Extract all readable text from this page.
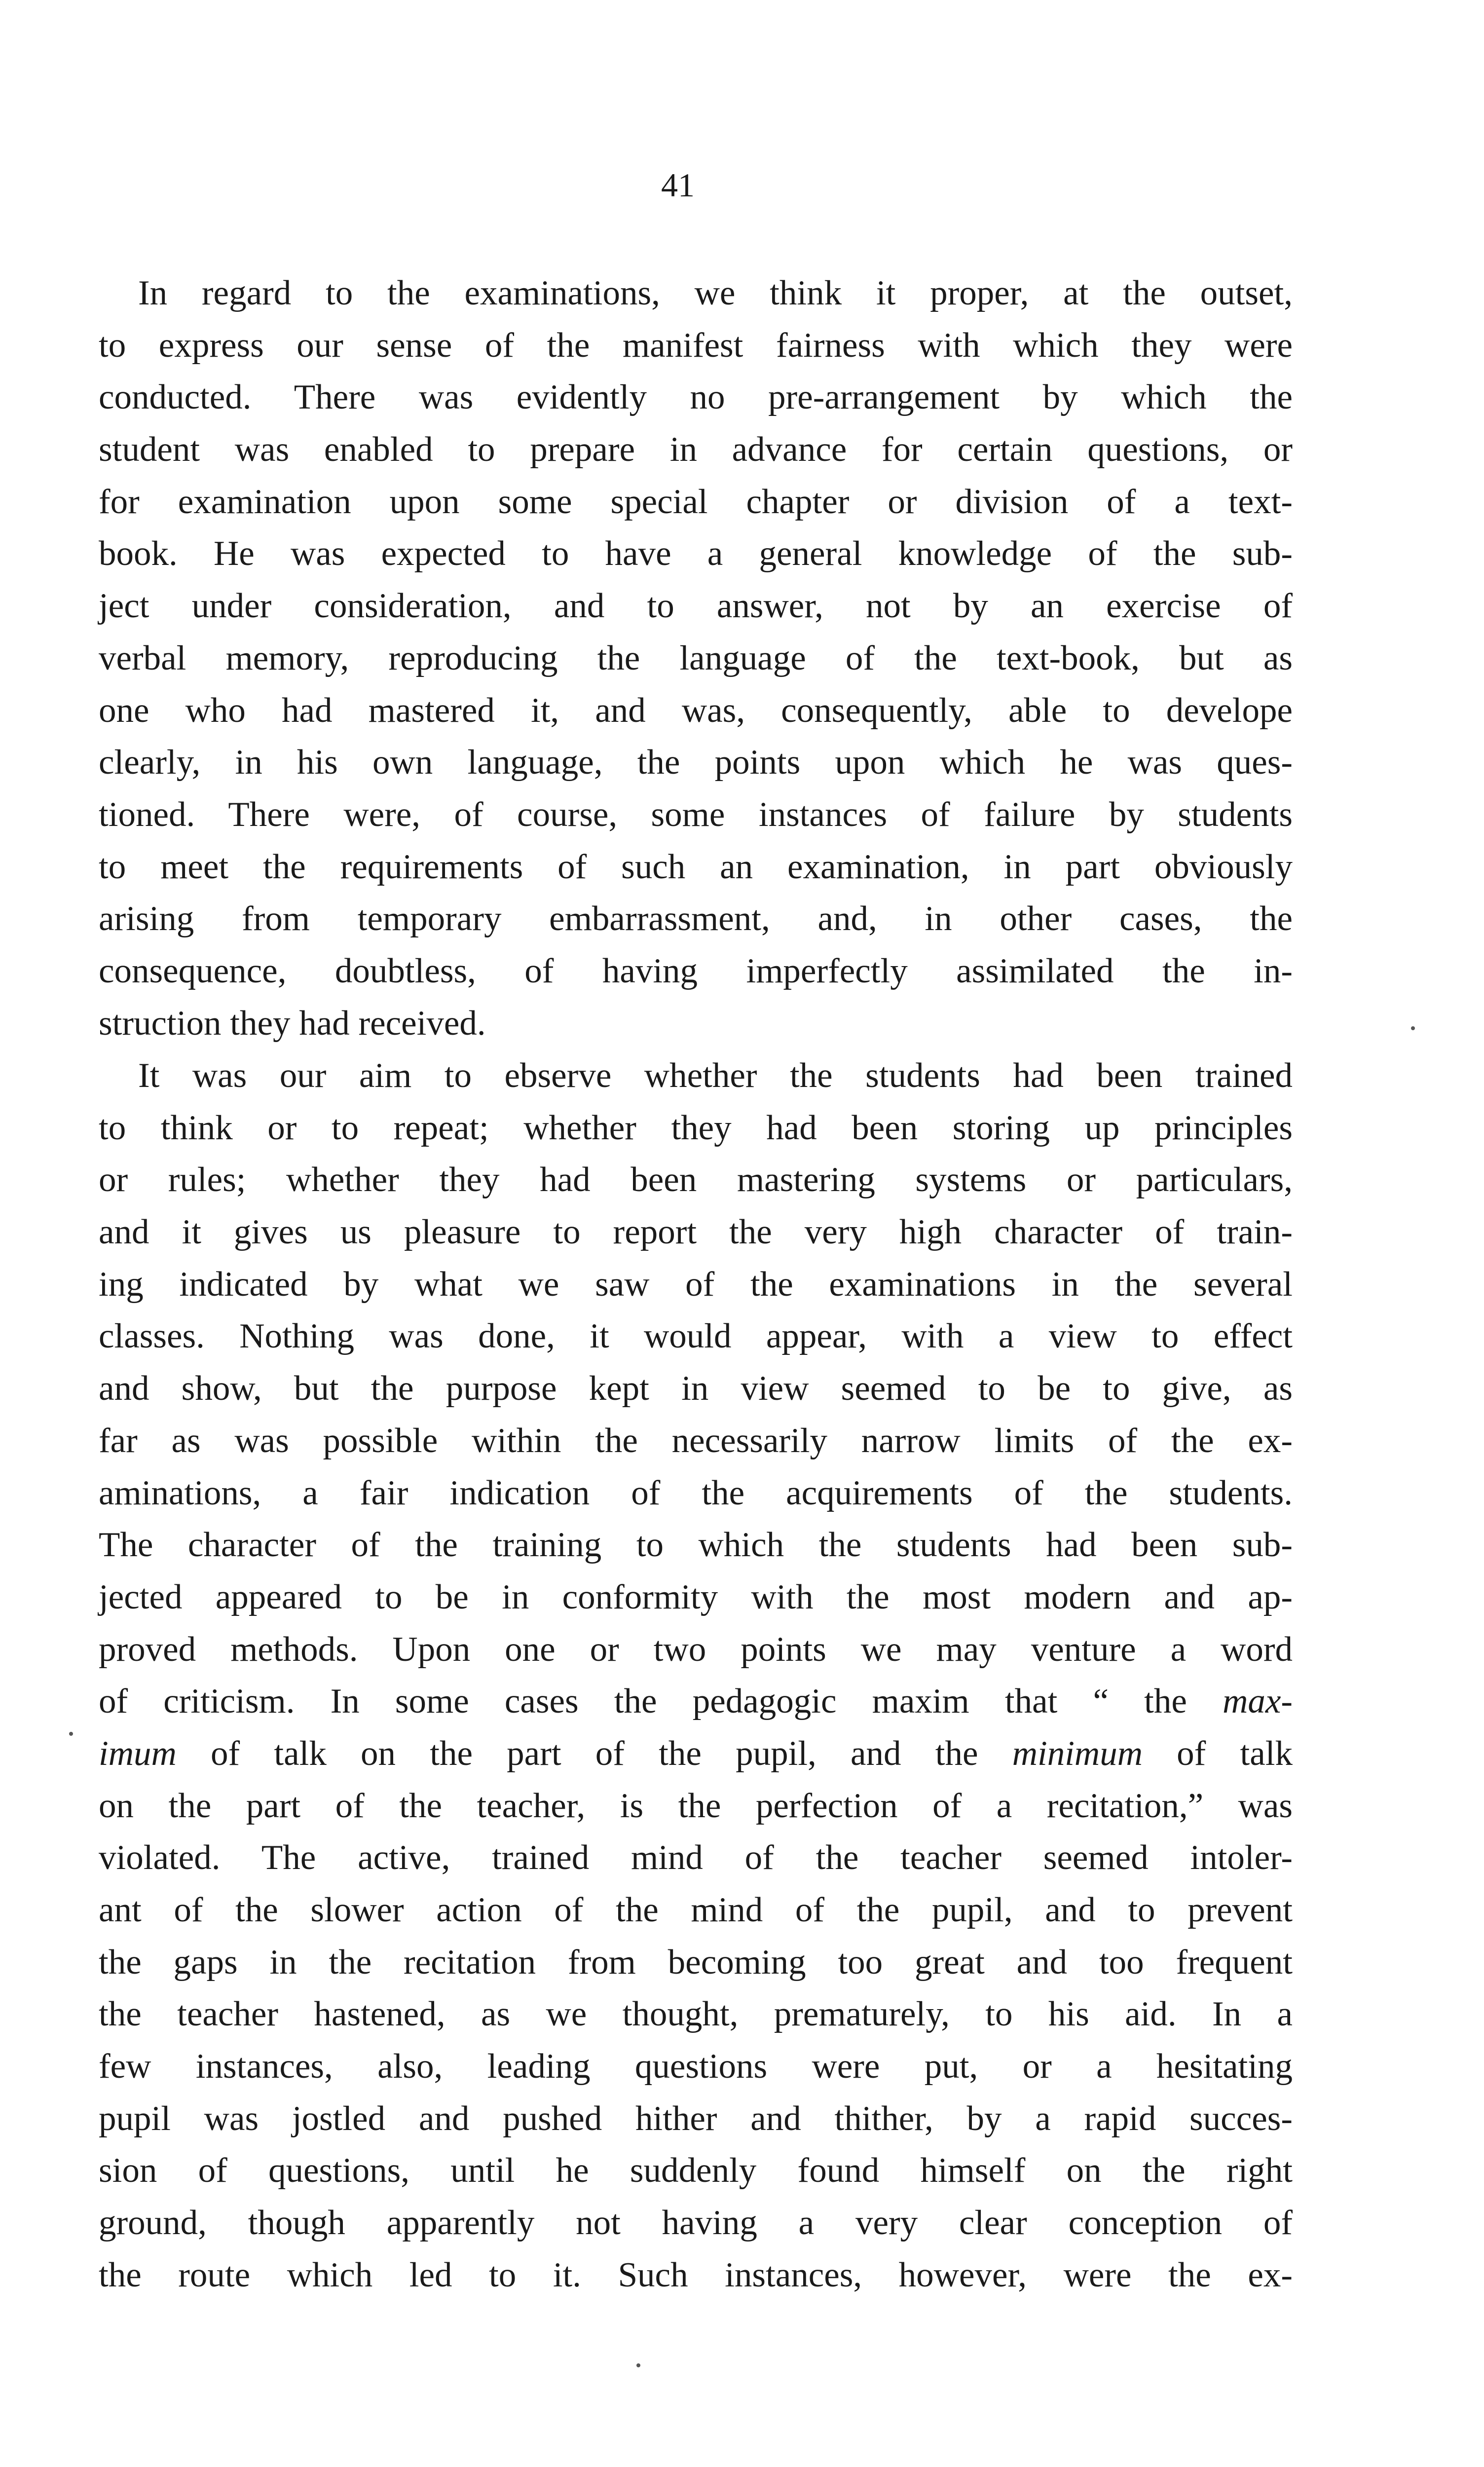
41
In regard to the examinations, we think it proper, at the outset,
to express our sense of the manifest fairness with which they were
conducted. There was evidently no pre-arrangement by which the
student was enabled to prepare in advance for certain questions, or
for examination upon some special chapter or division of a text-
book. He was expected to have a general knowledge of the sub-
ject under consideration, and to answer, not by an exercise of
verbal memory, reproducing the language of the text-book, but as
one who had mastered it, and was, consequently, able to develope
clearly, in his own language, the points upon which he was ques-
tioned. There were, of course, some instances of failure by students
to meet the requirements of such an examination, in part obviously
arising from temporary embarrassment, and, in other cases, the
consequence, doubtless, of having imperfectly assimilated the in-
struction they had received.
It was our aim to ebserve whether the students had been trained
to think or to repeat; whether they had been storing up principles
or rules; whether they had been mastering systems or particulars,
and it gives us pleasure to report the very high character of train-
ing indicated by what we saw of the examinations in the several
classes. Nothing was done, it would appear, with a view to effect
and show, but the purpose kept in view seemed to be to give, as
far as was possible within the necessarily narrow limits of the ex-
aminations, a fair indication of the acquirements of the students.
The character of the training to which the students had been sub-
jected appeared to be in conformity with the most modern and ap-
proved methods. Upon one or two points we may venture a word
of criticism. In some cases the pedagogic maxim that “ the max-
imum of talk on the part of the pupil, and the minimum of talk
on the part of the teacher, is the perfection of a recitation,” was
violated. The active, trained mind of the teacher seemed intoler-
ant of the slower action of the mind of the pupil, and to prevent
the gaps in the recitation from becoming too great and too frequent
the teacher hastened, as we thought, prematurely, to his aid. In a
few instances, also, leading questions were put, or a hesitating
pupil was jostled and pushed hither and thither, by a rapid succes-
sion of questions, until he suddenly found himself on the right
ground, though apparently not having a very clear conception of
the route which led to it. Such instances, however, were the ex-
